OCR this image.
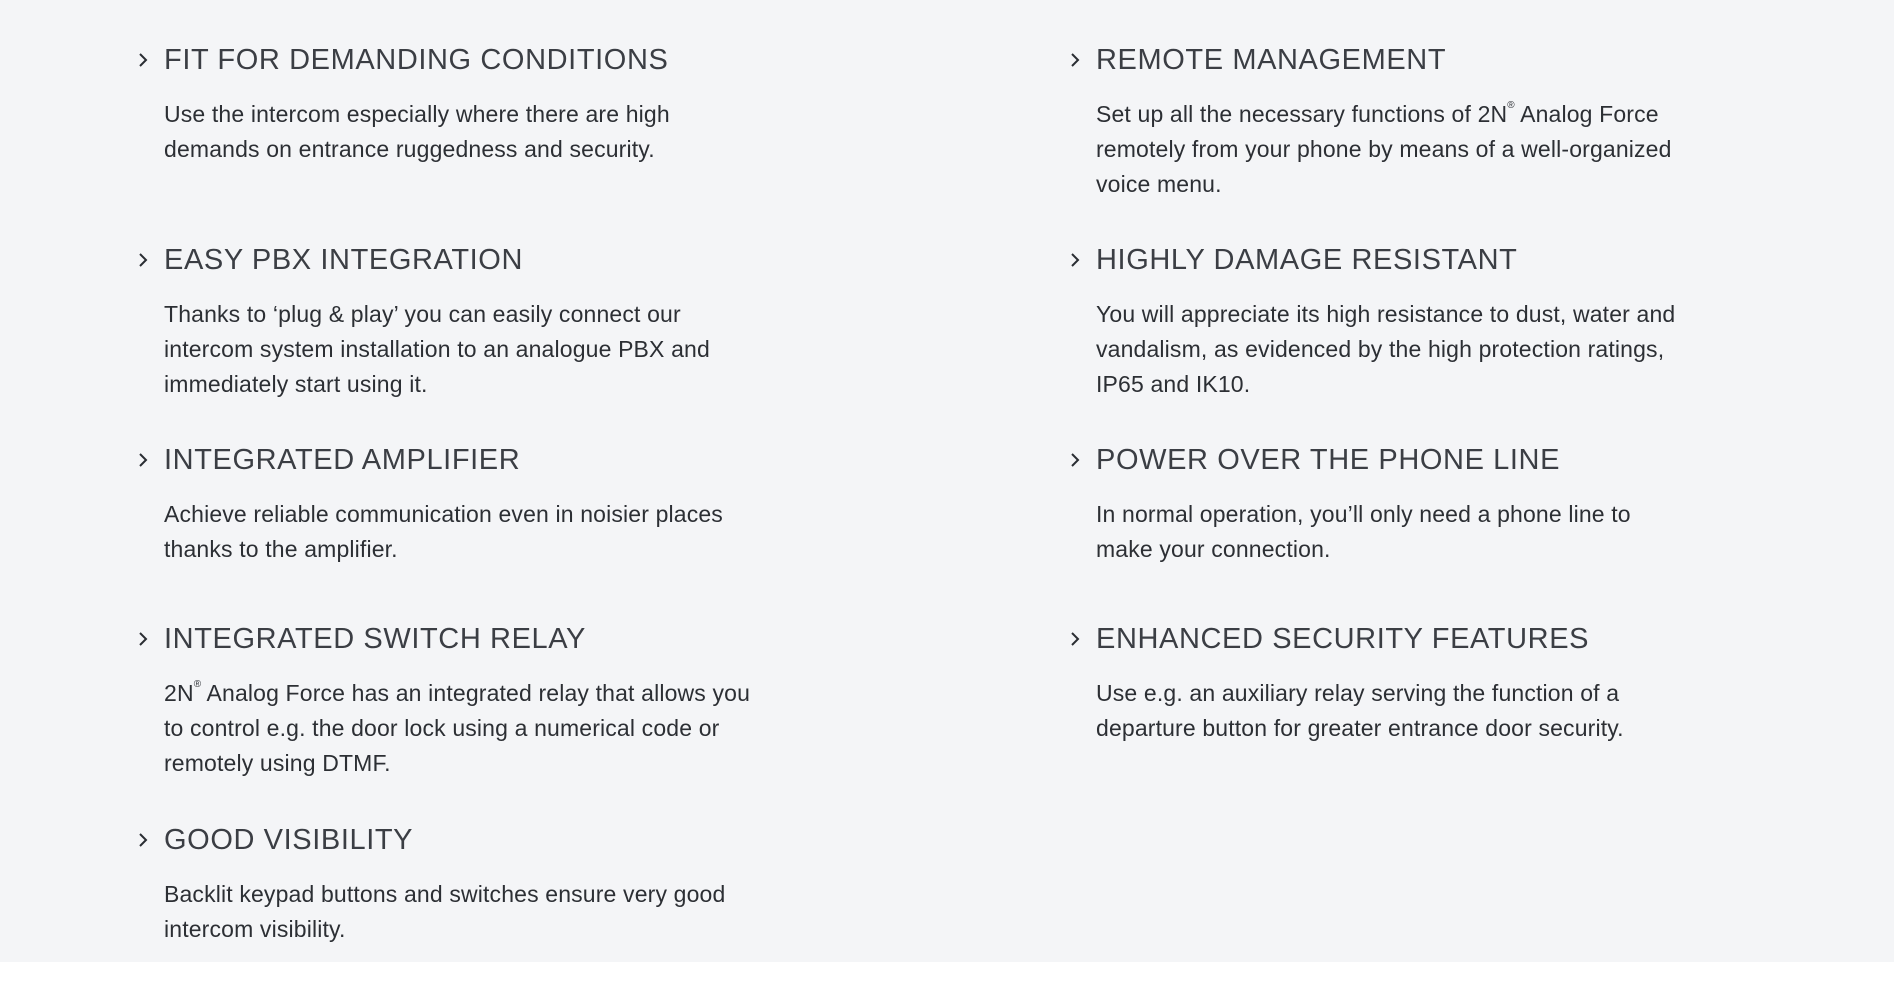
FIT FOR DEMANDING CONDITIONS

Use the intercom especially where there are high
demands on entrance ruggedness and security.

REMOTE MANAGEMENT

Set up all the necessary functions of 2N® Analog Force
remotely from your phone by means of a well-organized
voice menu.

EASY PBX INTEGRATION

Thanks to ‘plug & play’ you can easily connect our
intercom system installation to an analogue PBX and
immediately start using it.

HIGHLY DAMAGE RESISTANT

You will appreciate its high resistance to dust, water and
vandalism, as evidenced by the high protection ratings,
IP65 and IK10.

INTEGRATED AMPLIFIER

Achieve reliable communication even in noisier places
thanks to the amplifier.

POWER OVER THE PHONE LINE

In normal operation, you’ll only need a phone line to
make your connection.

INTEGRATED SWITCH RELAY

2N® Analog Force has an integrated relay that allows you
to control e.g. the door lock using a numerical code or
remotely using DTMF.

ENHANCED SECURITY FEATURES

Use e.g. an auxiliary relay serving the function of a
departure button for greater entrance door security.

GOOD VISIBILITY

Backlit keypad buttons and switches ensure very good
intercom visibility.
